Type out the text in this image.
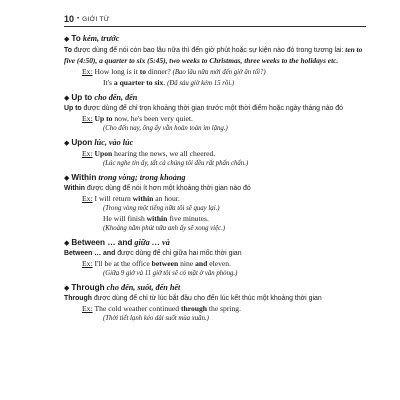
10 • GIỚI TỪ
◆ To kém, trước

To được dùng để nói còn bao lâu nữa thì đến giờ phút hoặc sự kiện nào đó trong tương lai: ten to five (4:50), a quarter to six (5:45), two weeks to Christmas, three weeks to the holidays etc.

Ex: How long is it to dinner? (Bao lâu nữa mới đến giờ ăn tối?)
It's a quarter to six. (Đã sáu giờ kém 15 rồi.)
◆ Up to cho đến, đến

Up to được dùng để chỉ trọn khoảng thời gian trước một thời điểm hoặc ngày tháng nào đó

Ex: Up to now, he's been very quiet.
(Cho đến nay, ông ấy vẫn hoàn toàn im lặng.)
◆ Upon lúc, vào lúc
Ex: Upon hearing the news, we all cheered.
(Lúc nghe tin ấy, tất cả chúng tôi đều rất phấn chấn.)
◆ Within trong vòng; trong khoảng

Within được dùng để nói ít hơn một khoảng thời gian nào đó

Ex: I will return within an hour.
(Trong vòng một tiếng nữa tôi sẽ quay lại.)
He will finish within five minutes.
(Khoảng năm phút nữa anh ấy sẽ xong việc.)
◆ Between … and giữa … và

Between … and được dùng để chỉ giữa hai mốc thời gian

Ex: I'll be at the office between nine and eleven.
(Giữa 9 giờ và 11 giờ tôi sẽ có mặt ở văn phòng.)
◆ Through cho đến, suốt, đến hết

Through được dùng để chỉ từ lúc bắt đầu cho đến lúc kết thúc một khoảng thời gian

Ex: The cold weather continued through the spring.
(Thời tiết lạnh kéo dài suốt mùa xuân.)
